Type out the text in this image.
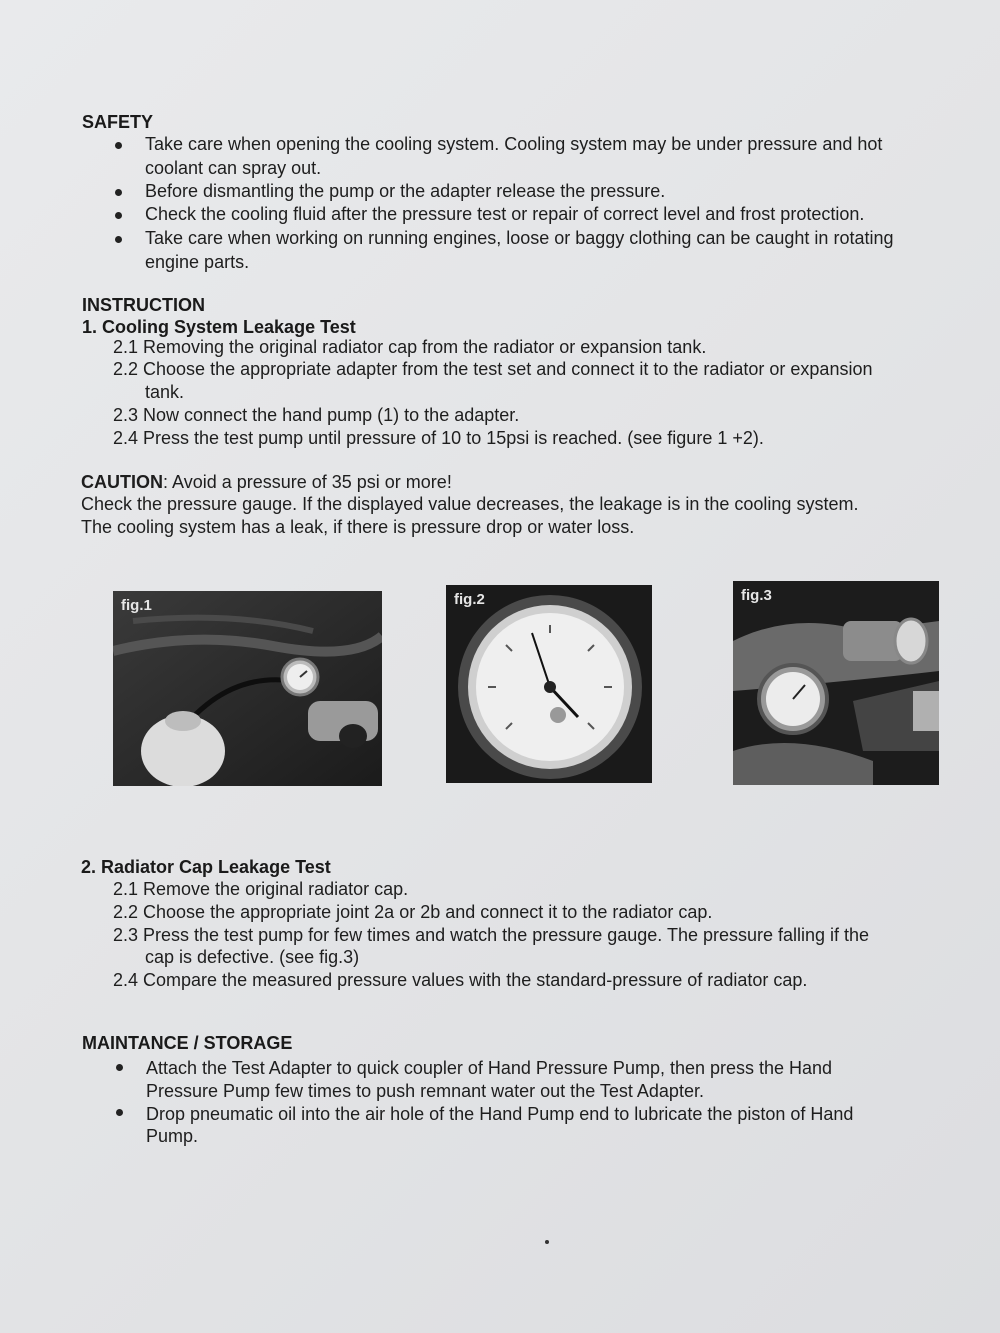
SAFETY
Take care when opening the cooling system. Cooling system may be under pressure and hot
coolant can spray out.
Before dismantling the pump or the adapter release the pressure.
Check the cooling fluid after the pressure test or repair of correct level and frost protection.
Take care when working on running engines, loose or baggy clothing can be caught in rotating
engine parts.
INSTRUCTION
1. Cooling System Leakage Test
2.1 Removing the original radiator cap from the radiator or expansion tank.
2.2 Choose the appropriate adapter from the test set and connect it to the radiator or expansion
tank.
2.3 Now connect the hand pump (1) to the adapter.
2.4 Press the test pump until pressure of 10 to 15psi is reached. (see figure 1 +2).
CAUTION: Avoid a pressure of 35 psi or more!
Check the pressure gauge. If the displayed value decreases, the leakage is in the cooling system.
The cooling system has a leak, if there is pressure drop or water loss.
fig.1	fig.2	fig.3
2. Radiator Cap Leakage Test
2.1 Remove the original radiator cap.
2.2 Choose the appropriate joint 2a or 2b and connect it to the radiator cap.
2.3 Press the test pump for few times and watch the pressure gauge. The pressure falling if the
cap is defective. (see fig.3)
2.4 Compare the measured pressure values with the standard-pressure of radiator cap.
MAINTANCE / STORAGE
Attach the Test Adapter to quick coupler of Hand Pressure Pump, then press the Hand
Pressure Pump few times to push remnant water out the Test Adapter.
Drop pneumatic oil into the air hole of the Hand Pump end to lubricate the piston of Hand
Pump.
